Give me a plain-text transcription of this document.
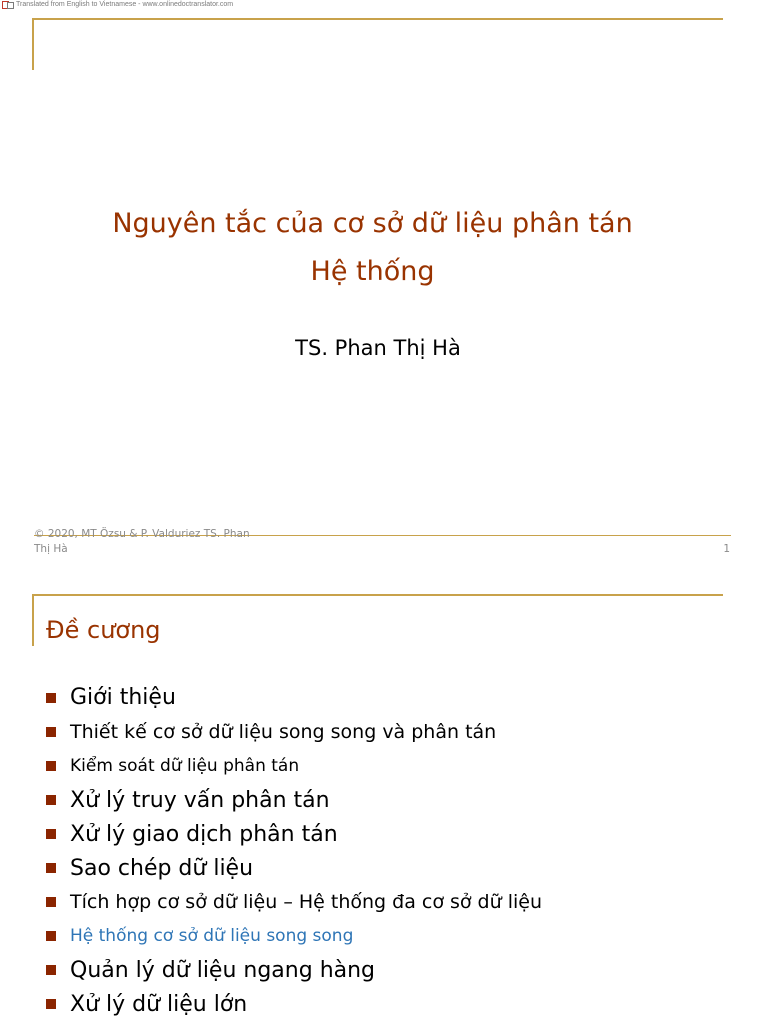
Translated from English to Vietnamese - www.onlinedoctranslator.com
Nguyên tắc của cơ sở dữ liệu phân tán
Hệ thống
TS. Phan Thị Hà
© 2020, MT Özsu & P. Valduriez TS. Phan Thị Hà	1
Đề cương
Giới thiệu
Thiết kế cơ sở dữ liệu song song và phân tán
Kiểm soát dữ liệu phân tán
Xử lý truy vấn phân tán
Xử lý giao dịch phân tán
Sao chép dữ liệu
Tích hợp cơ sở dữ liệu – Hệ thống đa cơ sở dữ liệu
Hệ thống cơ sở dữ liệu song song
Quản lý dữ liệu ngang hàng
Xử lý dữ liệu lớn
